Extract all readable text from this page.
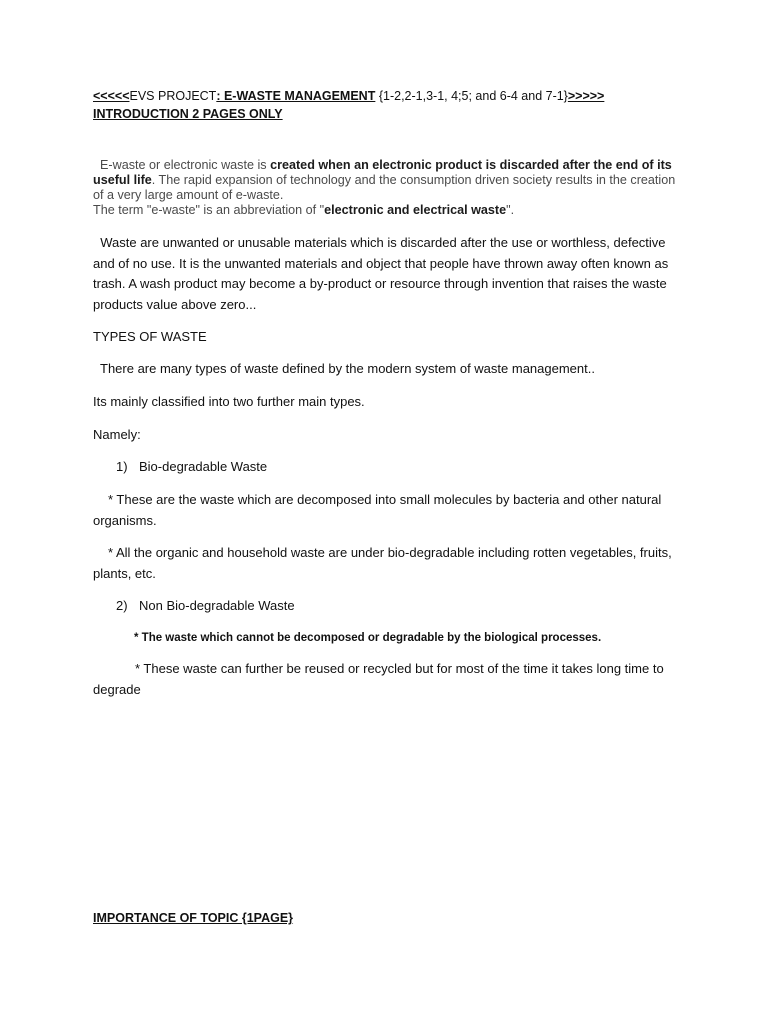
<<<<<EVS PROJECT: E-WASTE MANAGEMENT {1-2,2-1,3-1, 4;5; and 6-4 and 7-1}>>>>>
INTRODUCTION 2 PAGES ONLY
E-waste or electronic waste is created when an electronic product is discarded after the end of its useful life. The rapid expansion of technology and the consumption driven society results in the creation of a very large amount of e-waste.
The term "e-waste" is an abbreviation of "electronic and electrical waste".
Waste are unwanted or unusable materials which is discarded after the use or worthless, defective and of no use. It is the unwanted materials and object that people have thrown away often known as trash. A wash product may become a by-product or resource through invention that raises the waste products value above zero...
TYPES OF WASTE
There are many types of waste defined by the modern system of waste management..
Its mainly classified into two further main types.
Namely:
1) Bio-degradable Waste
* These are the waste which are decomposed into small molecules by bacteria and other natural organisms.
* All the organic and household waste are under bio-degradable including rotten vegetables, fruits, plants, etc.
2) Non Bio-degradable Waste
* The waste which cannot be decomposed or degradable by the biological processes.
* These waste can further be reused or recycled but for most of the time it takes long time to degrade
IMPORTANCE OF TOPIC {1PAGE}
